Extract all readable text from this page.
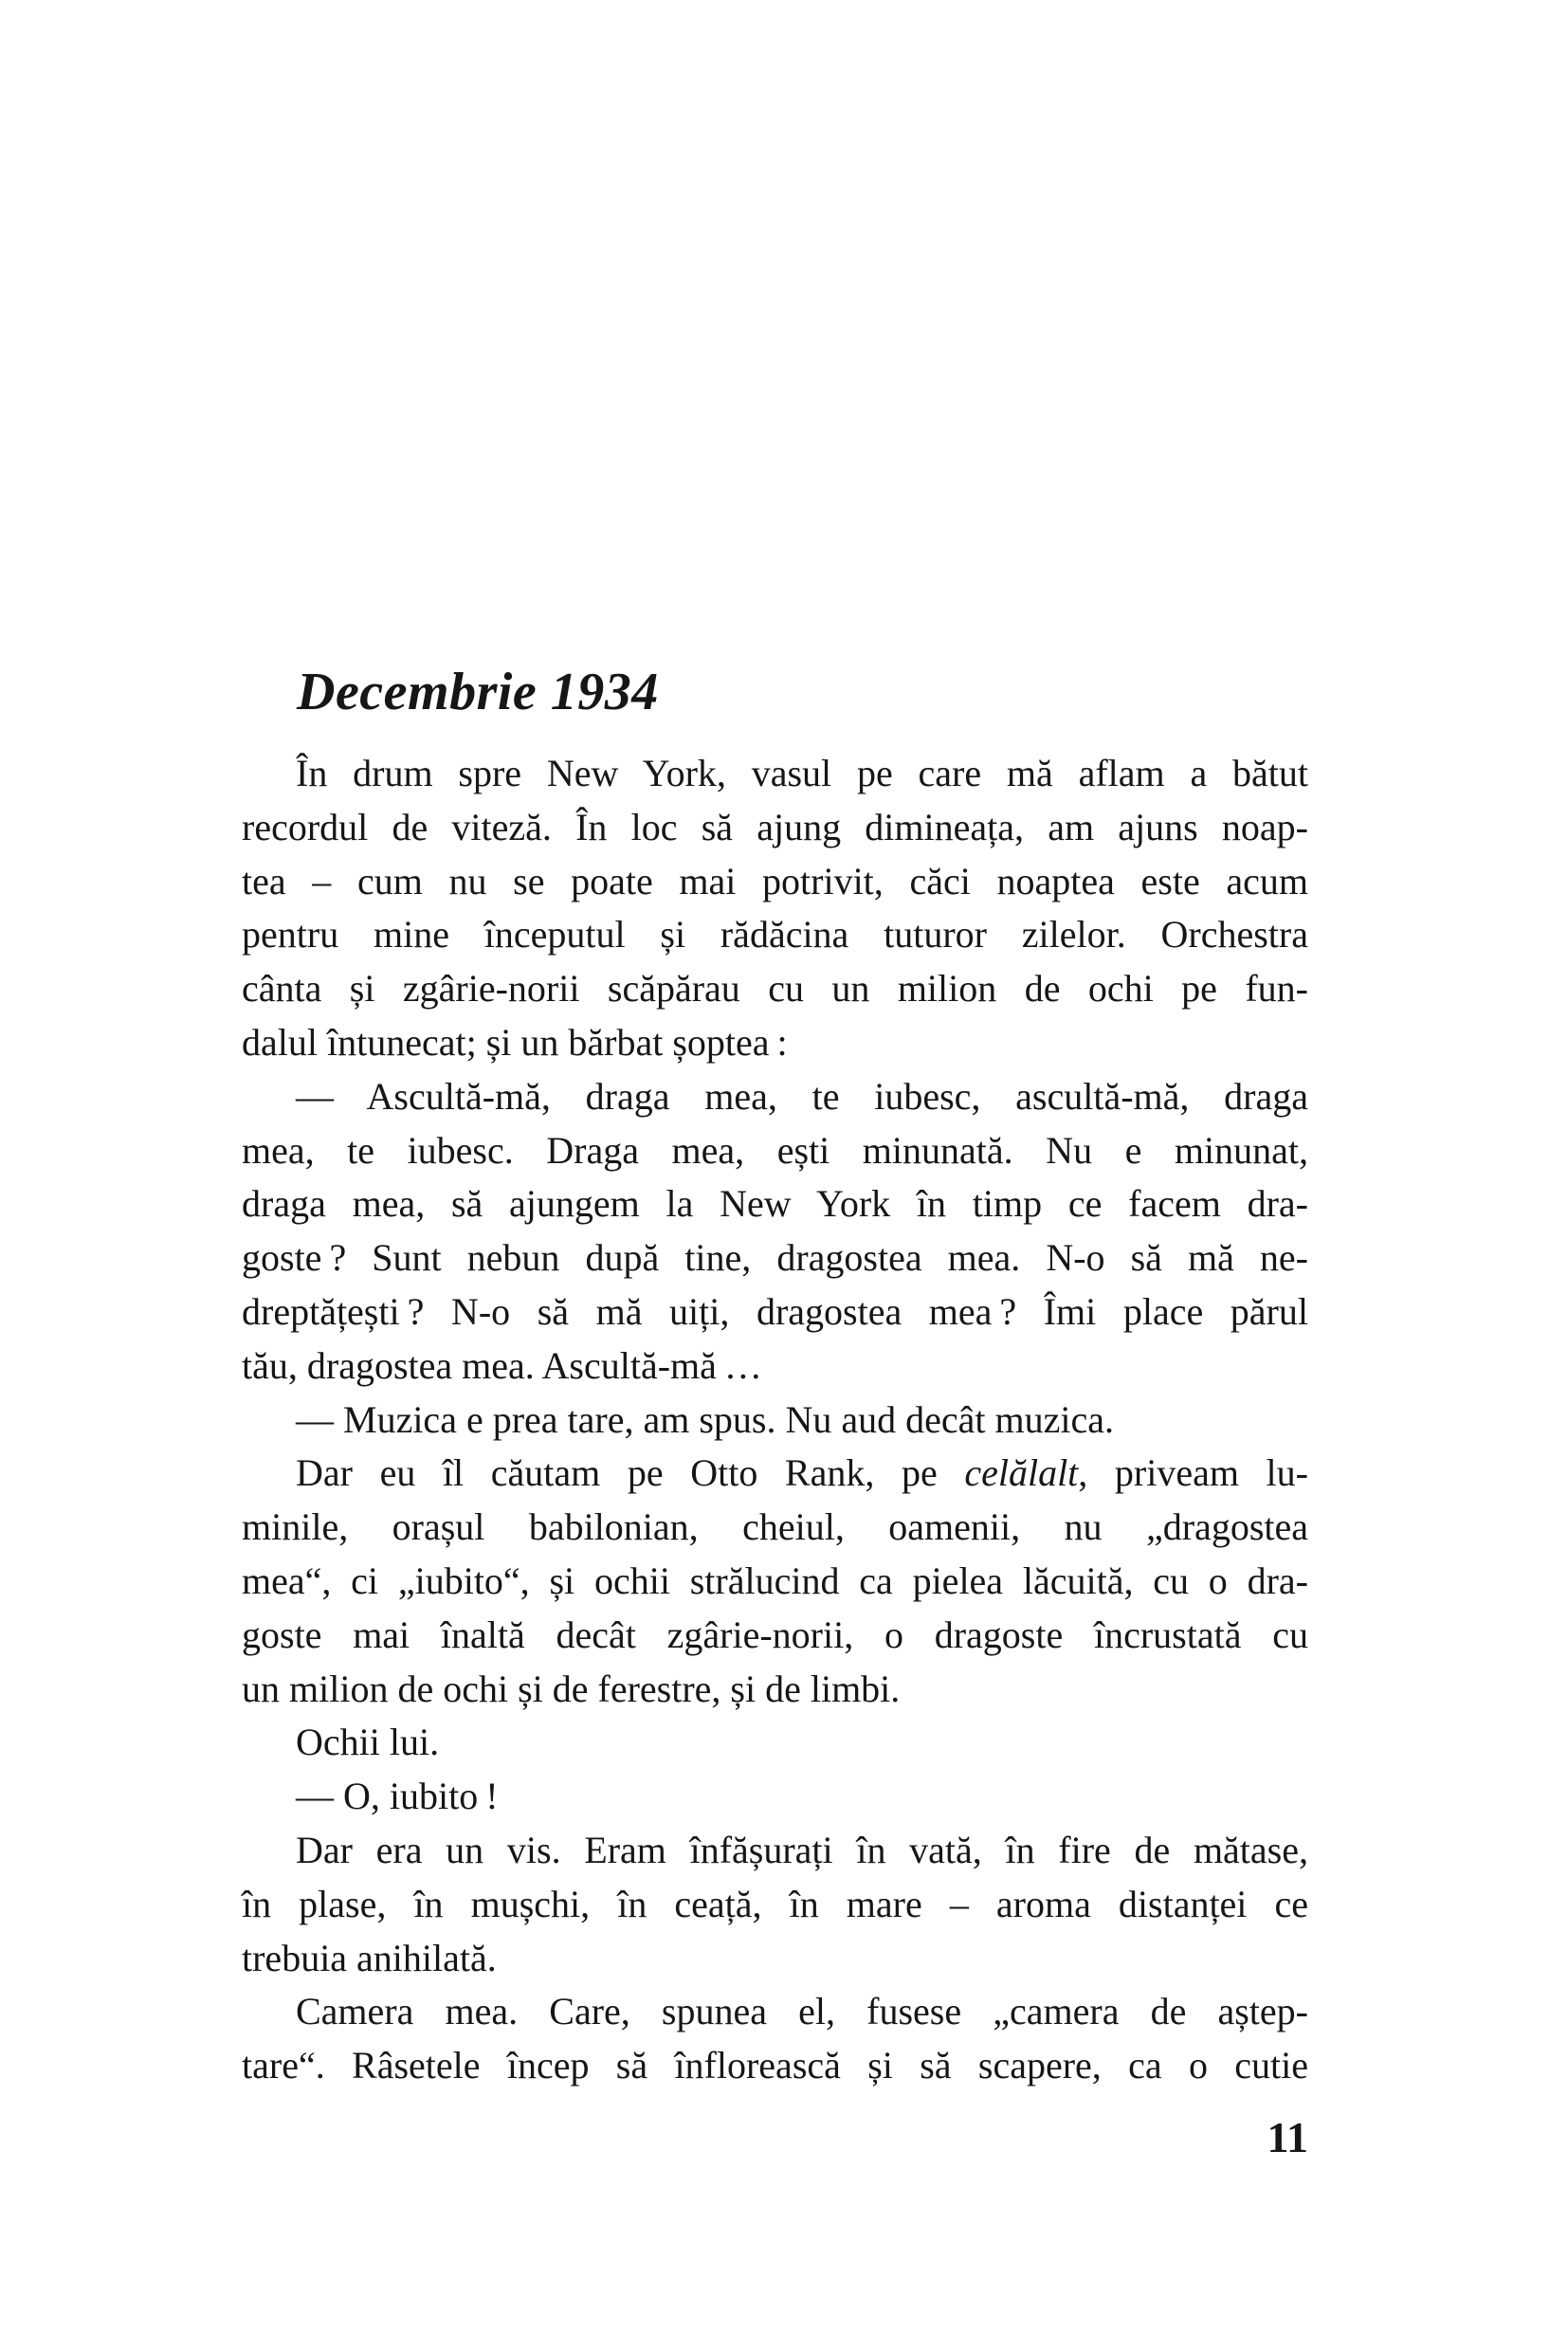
Decembrie 1934
În drum spre New York, vasul pe care mă aflam a bătut
recordul de viteză. În loc să ajung dimineața, am ajuns noap-
tea – cum nu se poate mai potrivit, căci noaptea este acum
pentru mine începutul și rădăcina tuturor zilelor. Orchestra
cânta și zgârie-norii scăpărau cu un milion de ochi pe fun-
dalul întunecat; și un bărbat șoptea :
— Ascultă-mă, draga mea, te iubesc, ascultă-mă, draga
mea, te iubesc. Draga mea, ești minunată. Nu e minunat,
draga mea, să ajungem la New York în timp ce facem dra-
goste ? Sunt nebun după tine, dragostea mea. N-o să mă ne-
dreptățești ? N-o să mă uiți, dragostea mea ? Îmi place părul
tău, dragostea mea. Ascultă-mă …
— Muzica e prea tare, am spus. Nu aud decât muzica.
Dar eu îl căutam pe Otto Rank, pe celălalt, priveam lu-
minile, orașul babilonian, cheiul, oamenii, nu „dragostea
mea“, ci „iubito“, și ochii strălucind ca pielea lăcuită, cu o dra-
goste mai înaltă decât zgârie-norii, o dragoste încrustată cu
un milion de ochi și de ferestre, și de limbi.
Ochii lui.
— O, iubito !
Dar era un vis. Eram înfășurați în vată, în fire de mătase,
în plase, în mușchi, în ceață, în mare – aroma distanței ce
trebuia anihilată.
Camera mea. Care, spunea el, fusese „camera de aștep-
tare“. Râsetele încep să înflorească și să scapere, ca o cutie
11
